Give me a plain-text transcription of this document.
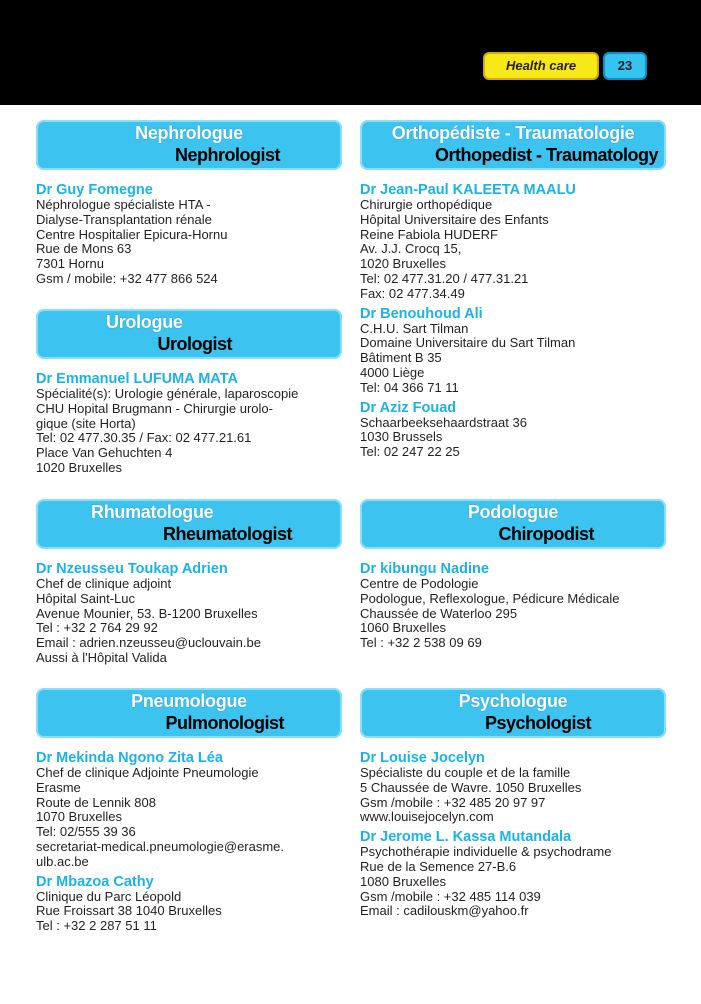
Health care	23
Nephrologue
Nephrologist
Dr Guy Fomegne
Néphrologue spécialiste HTA -
Dialyse-Transplantation rénale
Centre Hospitalier Epicura-Hornu
Rue de Mons 63
7301 Hornu
Gsm / mobile: +32 477 866 524
Orthopédiste - Traumatologie
Orthopedist - Traumatology
Dr Jean-Paul KALEETA MAALU
Chirurgie orthopédique
Hôpital Universitaire des Enfants
Reine Fabiola HUDERF
Av. J.J. Crocq 15,
1020 Bruxelles
Tel: 02 477.31.20 / 477.31.21
Fax: 02 477.34.49
Dr Benouhoud Ali
C.H.U. Sart Tilman
Domaine Universitaire du Sart Tilman
Bâtiment B 35
4000 Liège
Tel: 04 366 71 11
Dr Aziz Fouad
Schaarbeeksehaardstraat 36
1030 Brussels
Tel: 02 247 22 25
Urologue
Urologist
Dr Emmanuel LUFUMA MATA
Spécialité(s): Urologie générale, laparoscopie
CHU Hopital Brugmann - Chirurgie urolo-
gique (site Horta)
Tel: 02 477.30.35 / Fax: 02 477.21.61
Place Van Gehuchten 4
1020 Bruxelles
Rhumatologue
Rheumatologist
Dr Nzeusseu Toukap Adrien
Chef de clinique adjoint
Hôpital Saint-Luc
Avenue Mounier, 53. B-1200 Bruxelles
Tel : +32 2 764 29 92
Email : adrien.nzeusseu@uclouvain.be
Aussi à l'Hôpital Valida
Podologue
Chiropodist
Dr kibungu Nadine
Centre de Podologie
Podologue, Reflexologue, Pédicure Médicale
Chaussée de Waterloo 295
1060 Bruxelles
Tel : +32 2 538 09 69
Pneumologue
Pulmonologist
Dr Mekinda Ngono Zita Léa
Chef de clinique Adjointe Pneumologie
Erasme
Route de Lennik 808
1070 Bruxelles
Tel: 02/555 39 36
secretariat-medical.pneumologie@erasme.
ulb.ac.be
Dr Mbazoa Cathy
Clinique du Parc Léopold
Rue Froissart 38 1040 Bruxelles
Tel : +32 2 287 51 11
Psychologue
Psychologist
Dr Louise Jocelyn
Spécialiste du couple et de la famille
5 Chaussée de Wavre. 1050 Bruxelles
Gsm /mobile : +32 485 20 97 97
www.louisejocelyn.com
Dr Jerome L. Kassa Mutandala
Psychothérapie individuelle & psychodrame
Rue de la Semence 27-B.6
1080 Bruxelles
Gsm /mobile : +32 485 114 039
Email : cadilouskm@yahoo.fr
